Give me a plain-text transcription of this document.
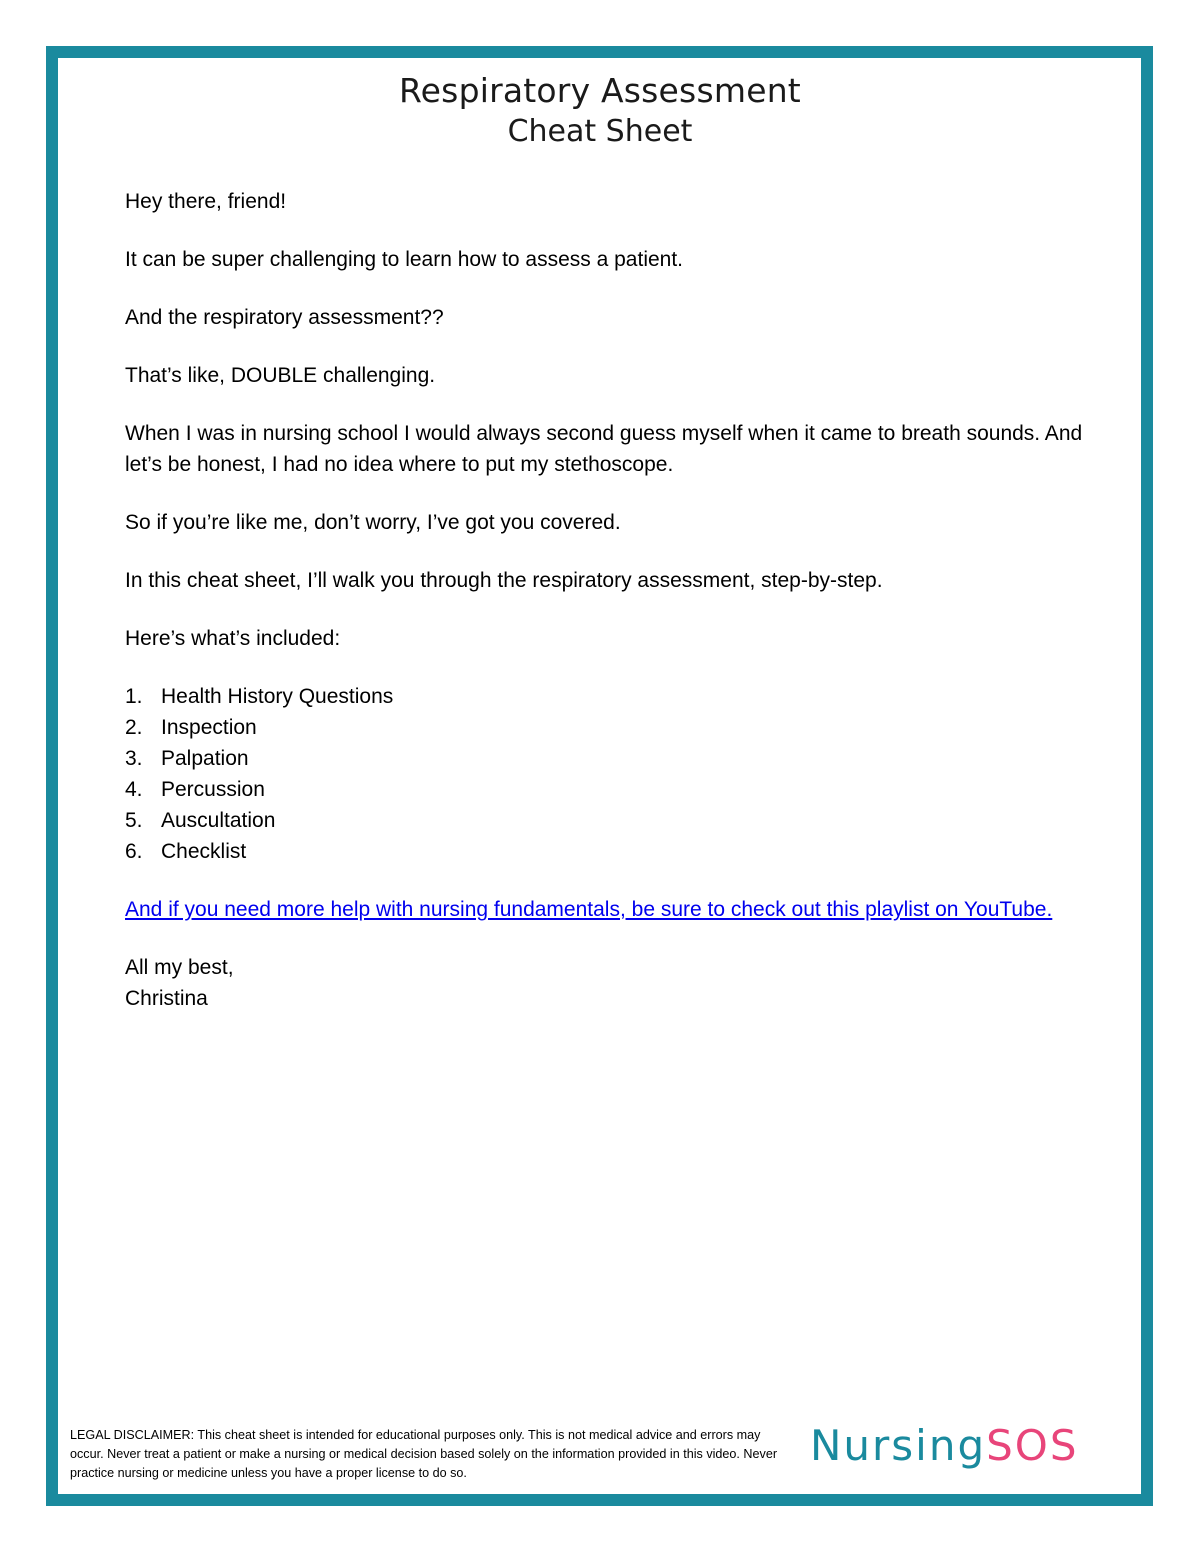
Respiratory Assessment
Cheat Sheet

Hey there, friend!

It can be super challenging to learn how to assess a patient.

And the respiratory assessment??

That’s like, DOUBLE challenging.

When I was in nursing school I would always second guess myself when it came to breath sounds. And let’s be honest, I had no idea where to put my stethoscope.

So if you’re like me, don’t worry, I’ve got you covered.

In this cheat sheet, I’ll walk you through the respiratory assessment, step-by-step.

Here’s what’s included:

1. Health History Questions
2. Inspection
3. Palpation
4. Percussion
5. Auscultation
6. Checklist

And if you need more help with nursing fundamentals, be sure to check out this playlist on YouTube.

All my best,
Christina
LEGAL DISCLAIMER: This cheat sheet is intended for educational purposes only. This is not medical advice and errors may occur. Never treat a patient or make a nursing or medical decision based solely on the information provided in this video. Never practice nursing or medicine unless you have a proper license to do so.
NursingSOS
